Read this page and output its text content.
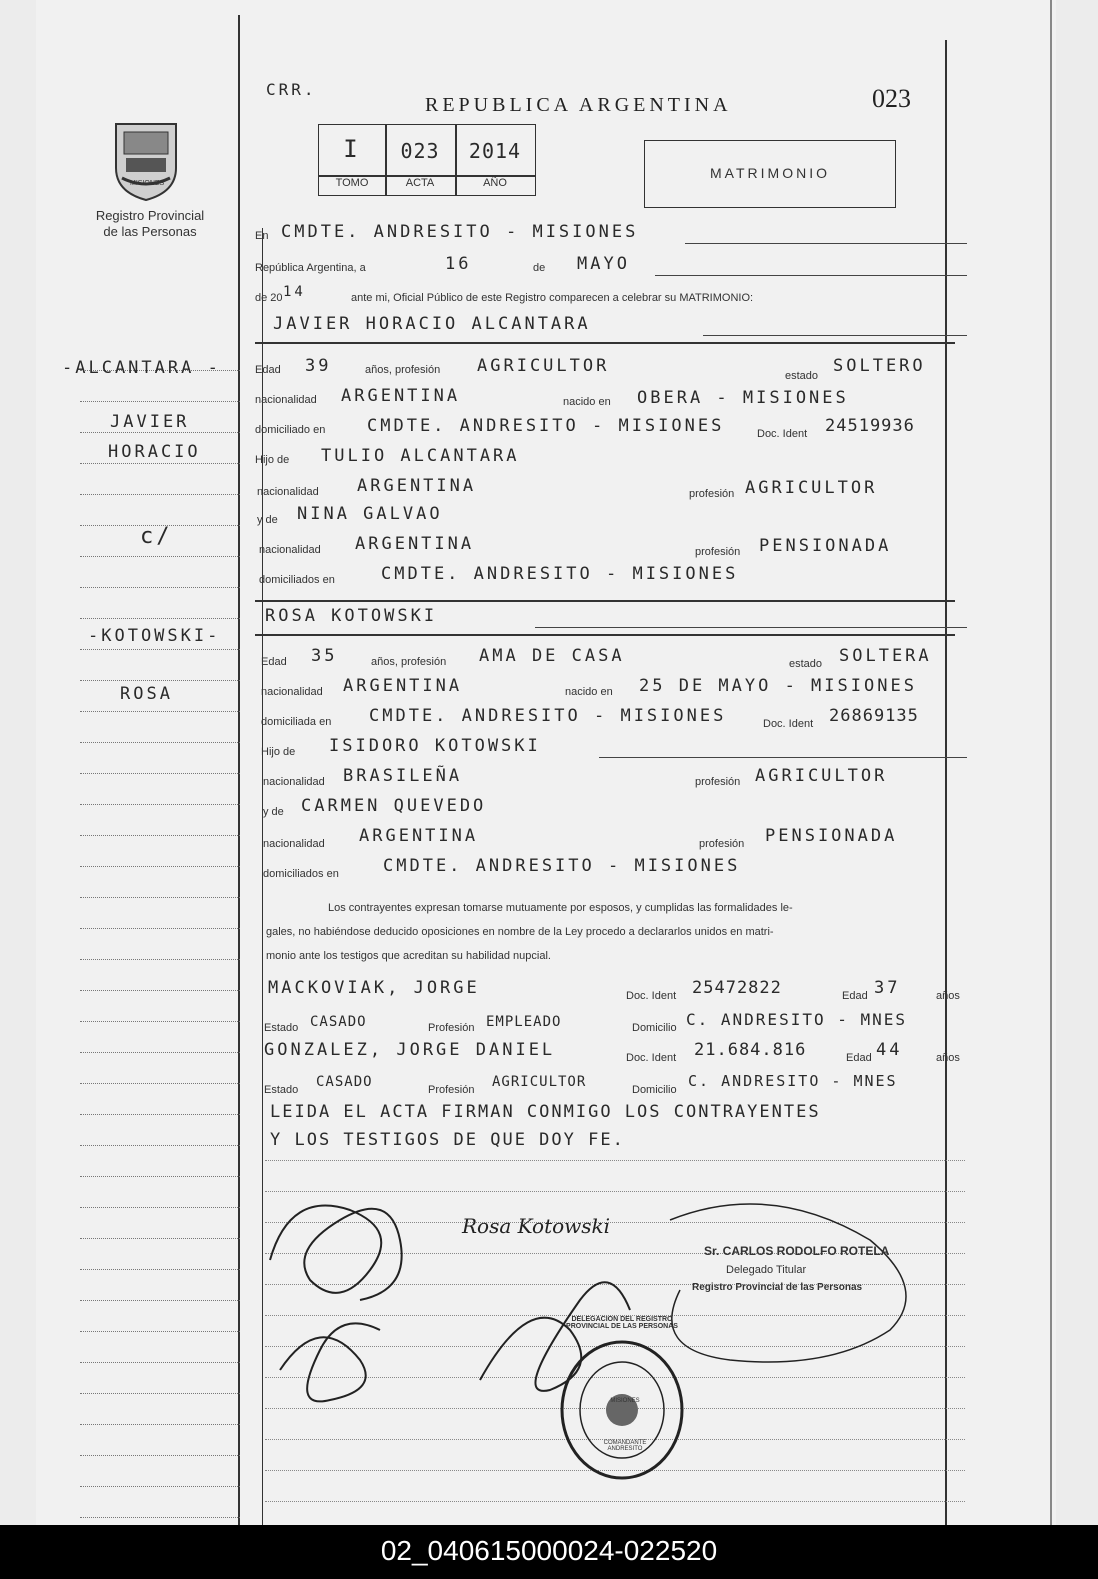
MISIONES
Registro Provincial
de las Personas
CRR.
REPUBLICA ARGENTINA	023
I	023	2014
TOMO	ACTA	AÑO
MATRIMONIO
-ALCANTARA -
JAVIER
HORACIO
c/
-KOTOWSKI-
ROSA
En CMDTE. ANDRESITO - MISIONES
República Argentina, a	16	de MAYO
de 20 14	ante mi, Oficial Público de este Registro comparecen a celebrar su MATRIMONIO:
JAVIER HORACIO ALCANTARA
Edad 39	años, profesión AGRICULTOR	estado SOLTERO
nacionalidad ARGENTINA	nacido en OBERA - MISIONES
domiciliado en CMDTE. ANDRESITO - MISIONES	Doc. Ident 24519936
Hijo de TULIO ALCANTARA
nacionalidad ARGENTINA	profesión AGRICULTOR
y de NINA GALVAO
nacionalidad ARGENTINA	profesión PENSIONADA
domiciliados en	CMDTE. ANDRESITO - MISIONES
ROSA KOTOWSKI
Edad 35	años, profesión AMA DE CASA	estado SOLTERA
nacionalidad ARGENTINA	nacido en 25 DE MAYO - MISIONES
domiciliada en CMDTE. ANDRESITO - MISIONES	Doc. Ident 26869135
Hijo de ISIDORO KOTOWSKI
nacionalidad BRASILEÑA	profesión AGRICULTOR
y de CARMEN QUEVEDO
nacionalidad ARGENTINA	profesión PENSIONADA
domiciliados en	CMDTE. ANDRESITO - MISIONES
Los contrayentes expresan tomarse mutuamente por esposos, y cumplidas las formalidades le-
gales, no habiéndose deducido oposiciones en nombre de la Ley procedo a declararlos unidos en matri-
monio ante los testigos que acreditan su habilidad nupcial.
MACKOVIAK, JORGE	Doc. Ident 25472822	Edad 37	años
Estado CASADO	Profesión EMPLEADO	Domicilio C. ANDRESITO - MNES
GONZALEZ, JORGE DANIEL	Doc. Ident 21.684.816	Edad 44	años
Estado CASADO	Profesión AGRICULTOR	Domicilio C. ANDRESITO - MNES
LEIDA EL ACTA FIRMAN CONMIGO LOS CONTRAYENTES
Y LOS TESTIGOS DE QUE DOY FE.
Rosa Kotowski
Sr. CARLOS RODOLFO ROTELA
Delegado Titular
Registro Provincial de las Personas
DELEGACION DEL REGISTRO PROVINCIAL DE LAS PERSONAS
COMANDANTE ANDRESITO
MISIONES
02_040615000024-022520
